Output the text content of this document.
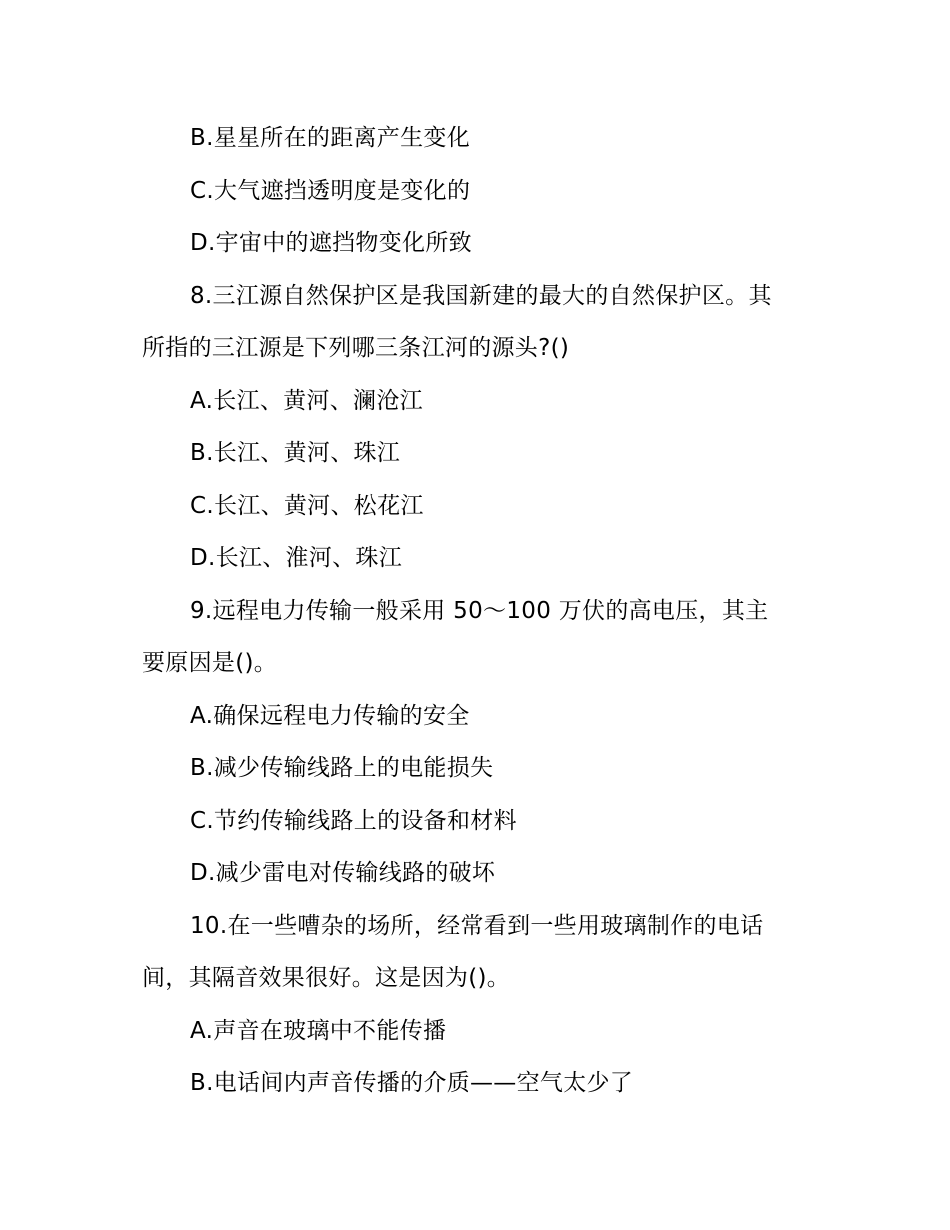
B.星星所在的距离产生变化
C.大气遮挡透明度是变化的
D.宇宙中的遮挡物变化所致
8.三江源自然保护区是我国新建的最大的自然保护区。其
所指的三江源是下列哪三条江河的源头?()
A.长江、黄河、澜沧江
B.长江、黄河、珠江
C.长江、黄河、松花江
D.长江、淮河、珠江
9.远程电力传输一般采用 50～100 万伏的高电压，其主
要原因是()。
A.确保远程电力传输的安全
B.减少传输线路上的电能损失
C.节约传输线路上的设备和材料
D.减少雷电对传输线路的破坏
10.在一些嘈杂的场所，经常看到一些用玻璃制作的电话
间，其隔音效果很好。这是因为()。
A.声音在玻璃中不能传播
B.电话间内声音传播的介质——空气太少了
